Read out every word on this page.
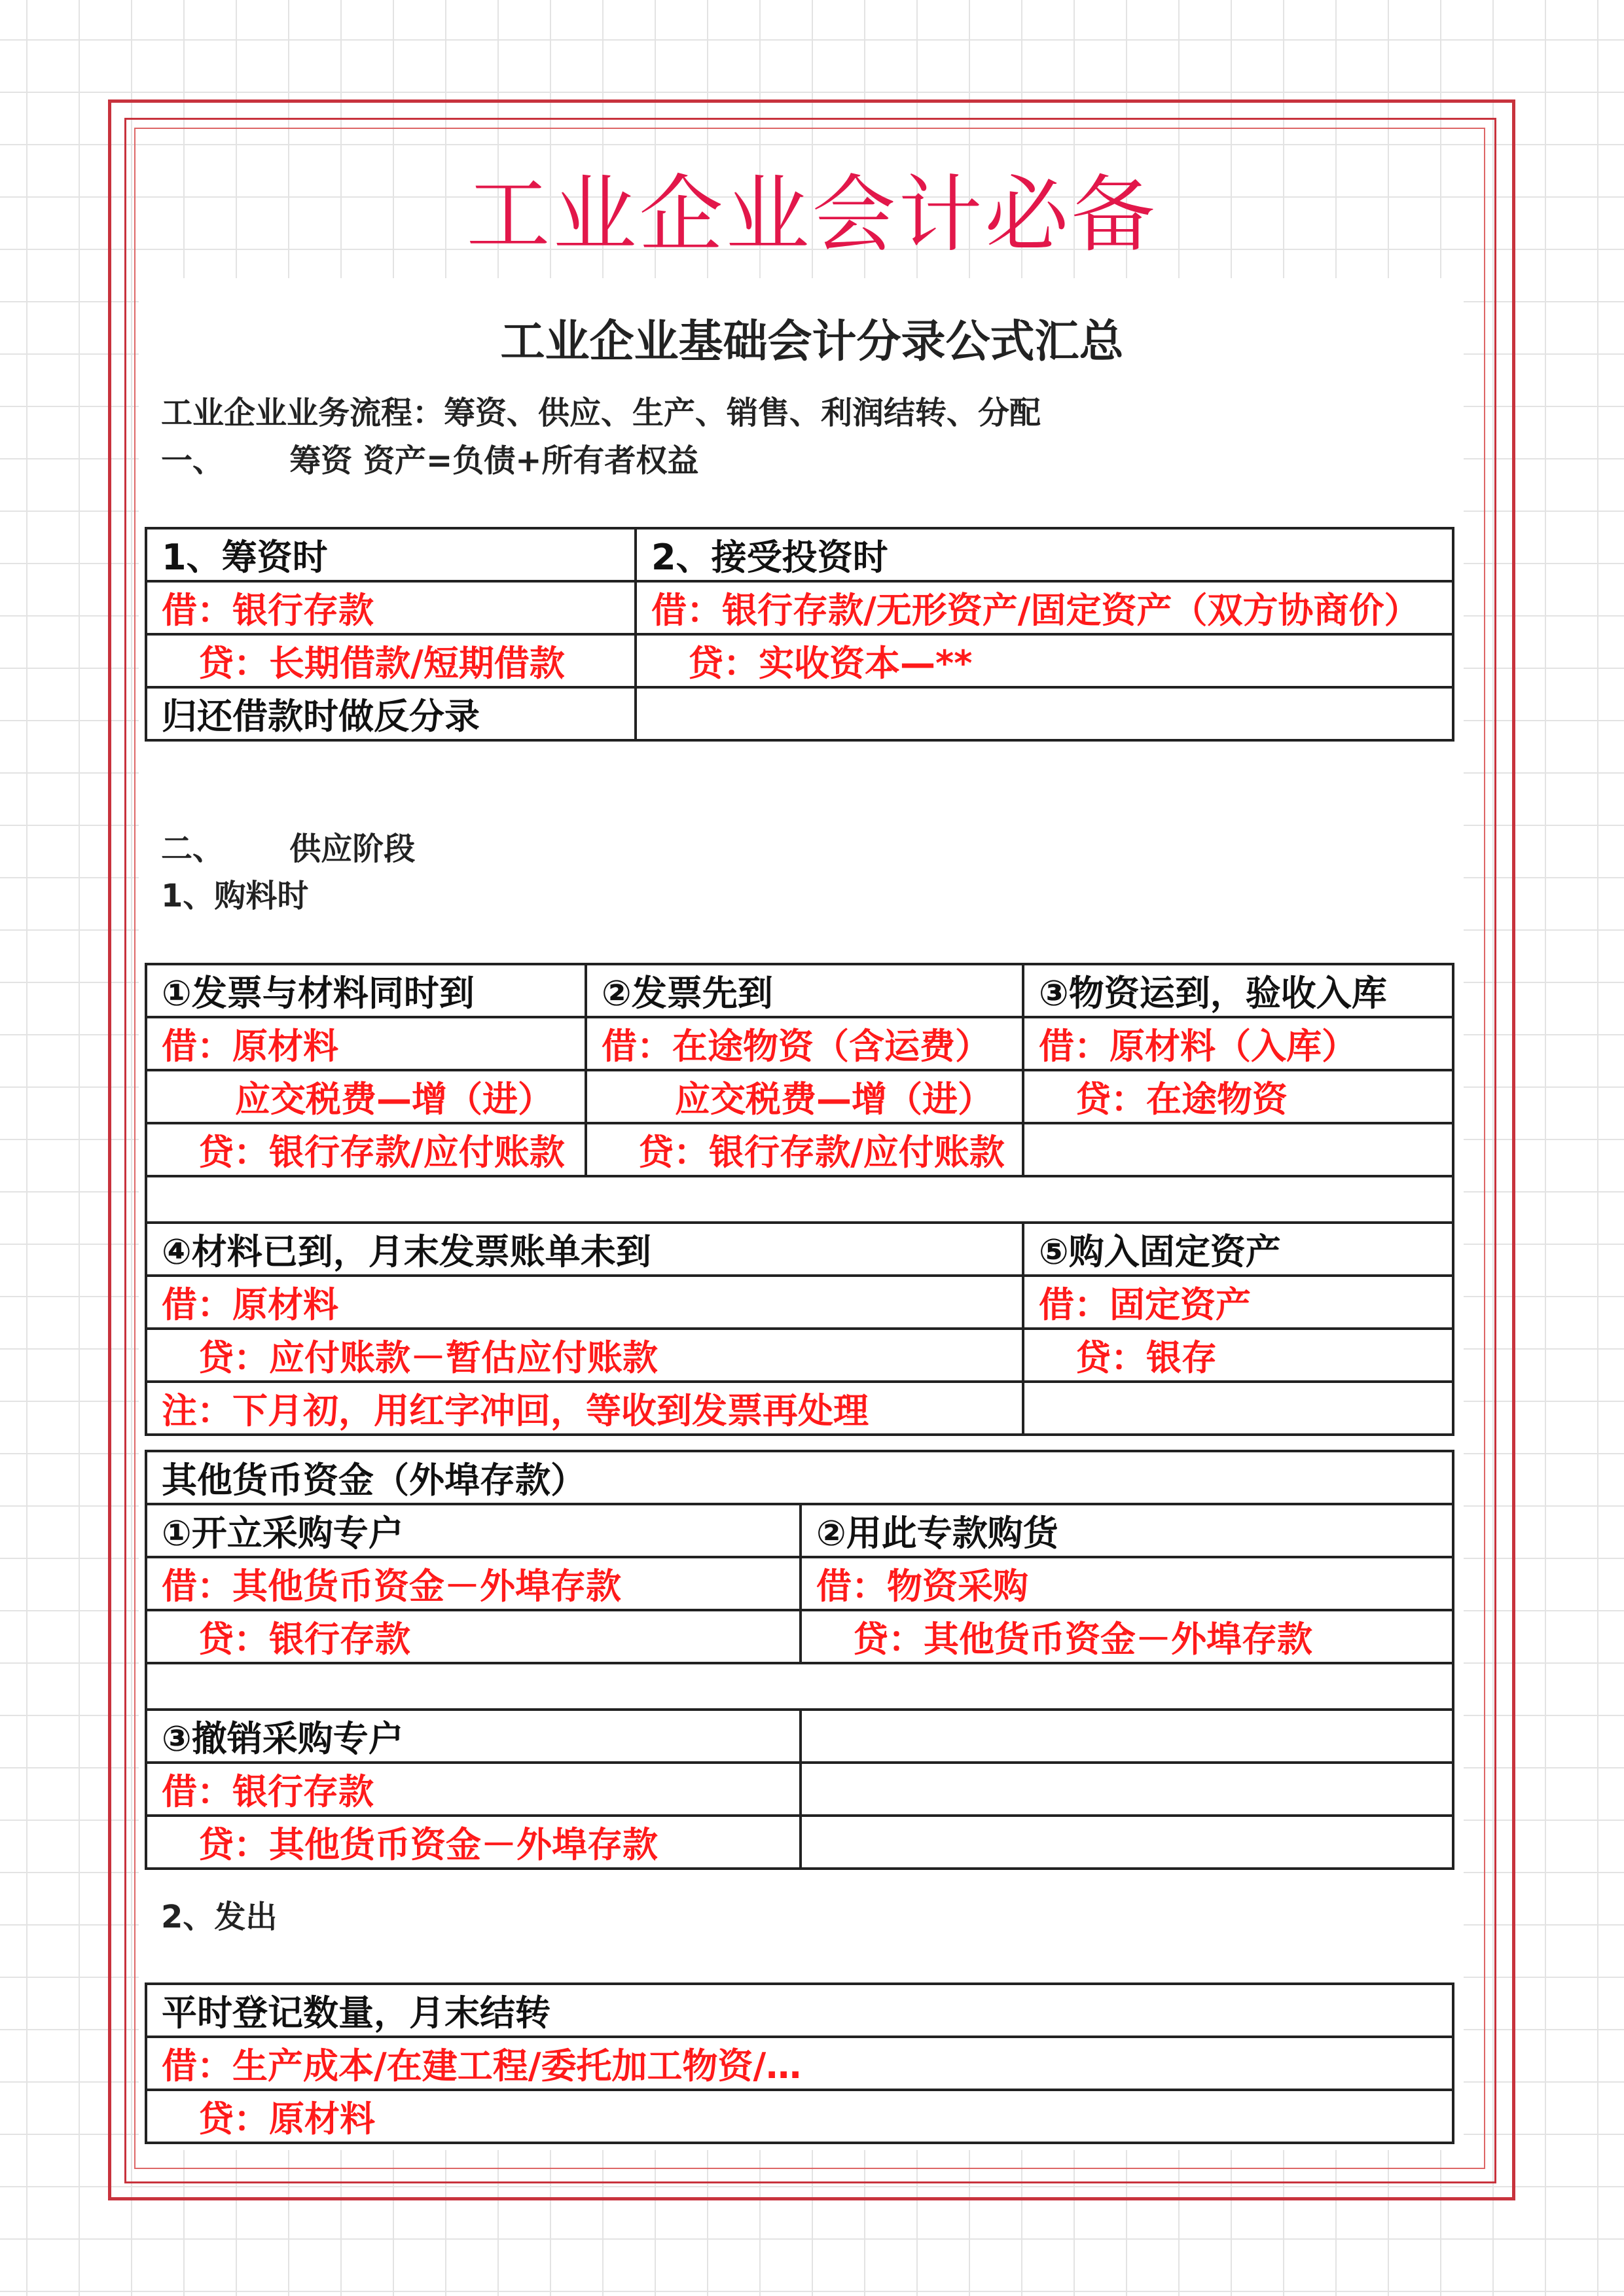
工业企业会计必备
工业企业基础会计分录公式汇总
工业企业业务流程：筹资、供应、生产、销售、利润结转、分配
一、      筹资 资产=负债+所有者权益
1、筹资时	2、接受投资时
借：银行存款	借：银行存款/无形资产/固定资产（双方协商价）
贷：长期借款/短期借款	贷：实收资本—**
归还借款时做反分录	
二、      供应阶段
1、购料时
①发票与材料同时到	②发票先到	③物资运到，验收入库
借：原材料	借：在途物资（含运费）	借：原材料（入库）
应交税费—增（进）	应交税费—增（进）	贷：在途物资
贷：银行存款/应付账款	贷：银行存款/应付账款	

④材料已到，月末发票账单未到		⑤购入固定资产
借：原材料		借：固定资产
贷：应付账款－暂估应付账款		贷：银存
注：下月初，用红字冲回，等收到发票再处理		
其他货币资金（外埠存款）	
①开立采购专户	②用此专款购货
借：其他货币资金－外埠存款	借：物资采购
贷：银行存款	贷：其他货币资金－外埠存款

③撤销采购专户	
借：银行存款	
贷：其他货币资金－外埠存款	
2、发出
平时登记数量，月末结转
借：生产成本/在建工程/委托加工物资/…
贷：原材料
